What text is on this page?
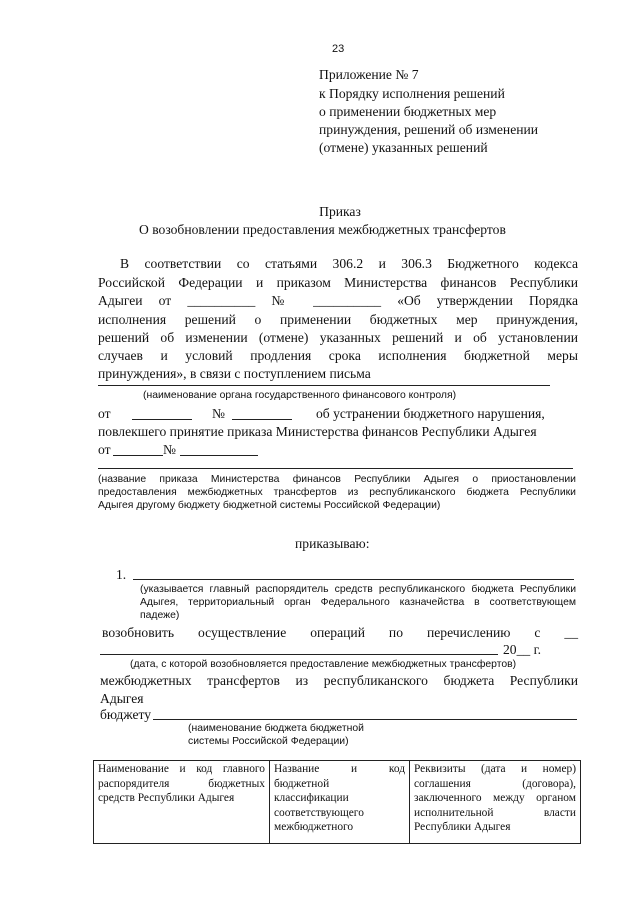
23
Приложение № 7
к Порядку исполнения решений
о применении бюджетных мер
принуждения, решений об изменении
(отмене) указанных решений
Приказ
О возобновлении предоставления межбюджетных трансфертов
В соответствии со статьями 306.2 и 306.3 Бюджетного кодекса
Российской Федерации и приказом Министерства финансов Республики
Адыгеи от __________ № __________ «Об утверждении Порядка
исполнения решений о применении бюджетных мер принуждения,
решений об изменении (отмене) указанных решений и об установлении
случаев и условий продления срока исполнения бюджетной меры
принуждения», в связи с поступлением письма
(наименование органа государственного финансового контроля)
от	№	об устранении бюджетного нарушения,
повлекшего принятие приказа Министерства финансов Республики Адыгея
от	№
(название приказа Министерства финансов Республики Адыгея о приостановлении
предоставления межбюджетных трансфертов из республиканского бюджета Республики
Адыгея другому бюджету бюджетной системы Российской Федерации)
приказываю:
1.
(указывается главный распорядитель средств республиканского бюджета Республики
Адыгея, территориальный орган Федерального казначейства в соответствующем
падеже)
возобновить осуществление операций по перечислению с __
20__ г.
(дата, с которой возобновляется предоставление межбюджетных трансфертов)
межбюджетных трансфертов из республиканского бюджета Республики
Адыгея
бюджету
(наименование бюджета бюджетной
системы Российской Федерации)
Наименование и код главного распорядителя бюджетных средств Республики Адыгея	Название и код бюджетной классификации соответствующего межбюджетного	Реквизиты (дата и номер) соглашения (договора), заключенного между органом исполнительной власти Республики Адыгея
